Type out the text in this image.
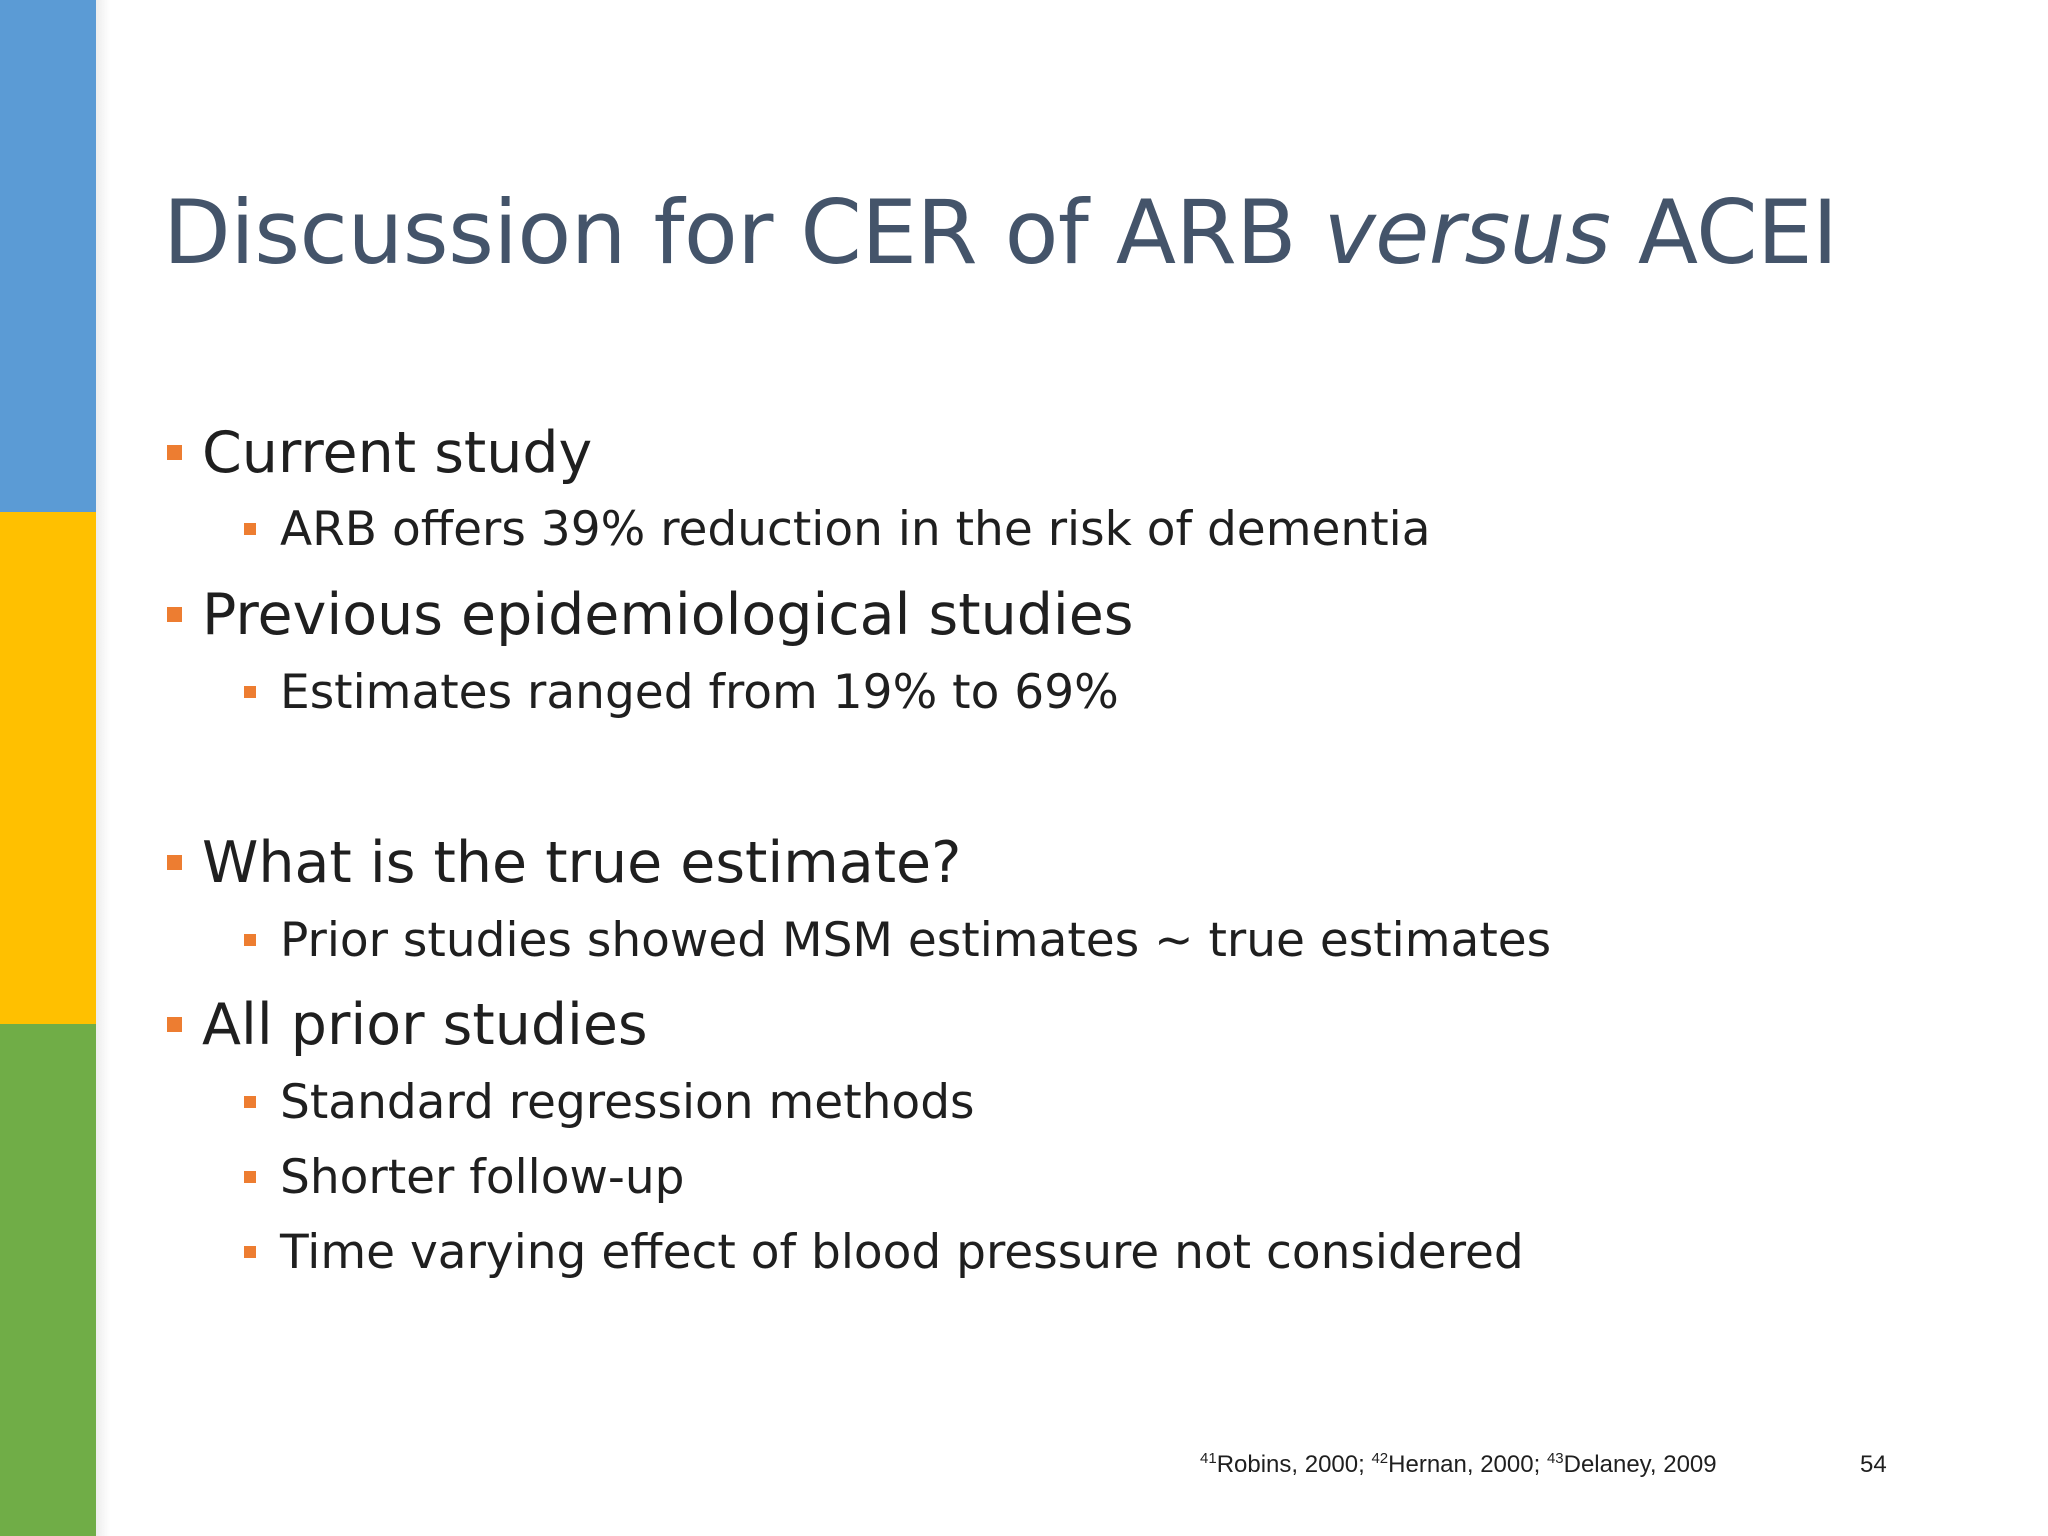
Discussion for CER of ARB versus ACEI
Current study
ARB offers 39% reduction in the risk of dementia
Previous epidemiological studies
Estimates ranged from 19% to 69%
What is the true estimate?
Prior studies showed MSM estimates ~ true estimates
All prior studies
Standard regression methods
Shorter follow-up
Time varying effect of blood pressure not considered
$^{41}$Robins, 2000; $^{42}$Hernan, 2000; $^{43}$Delaney, 2009	54
